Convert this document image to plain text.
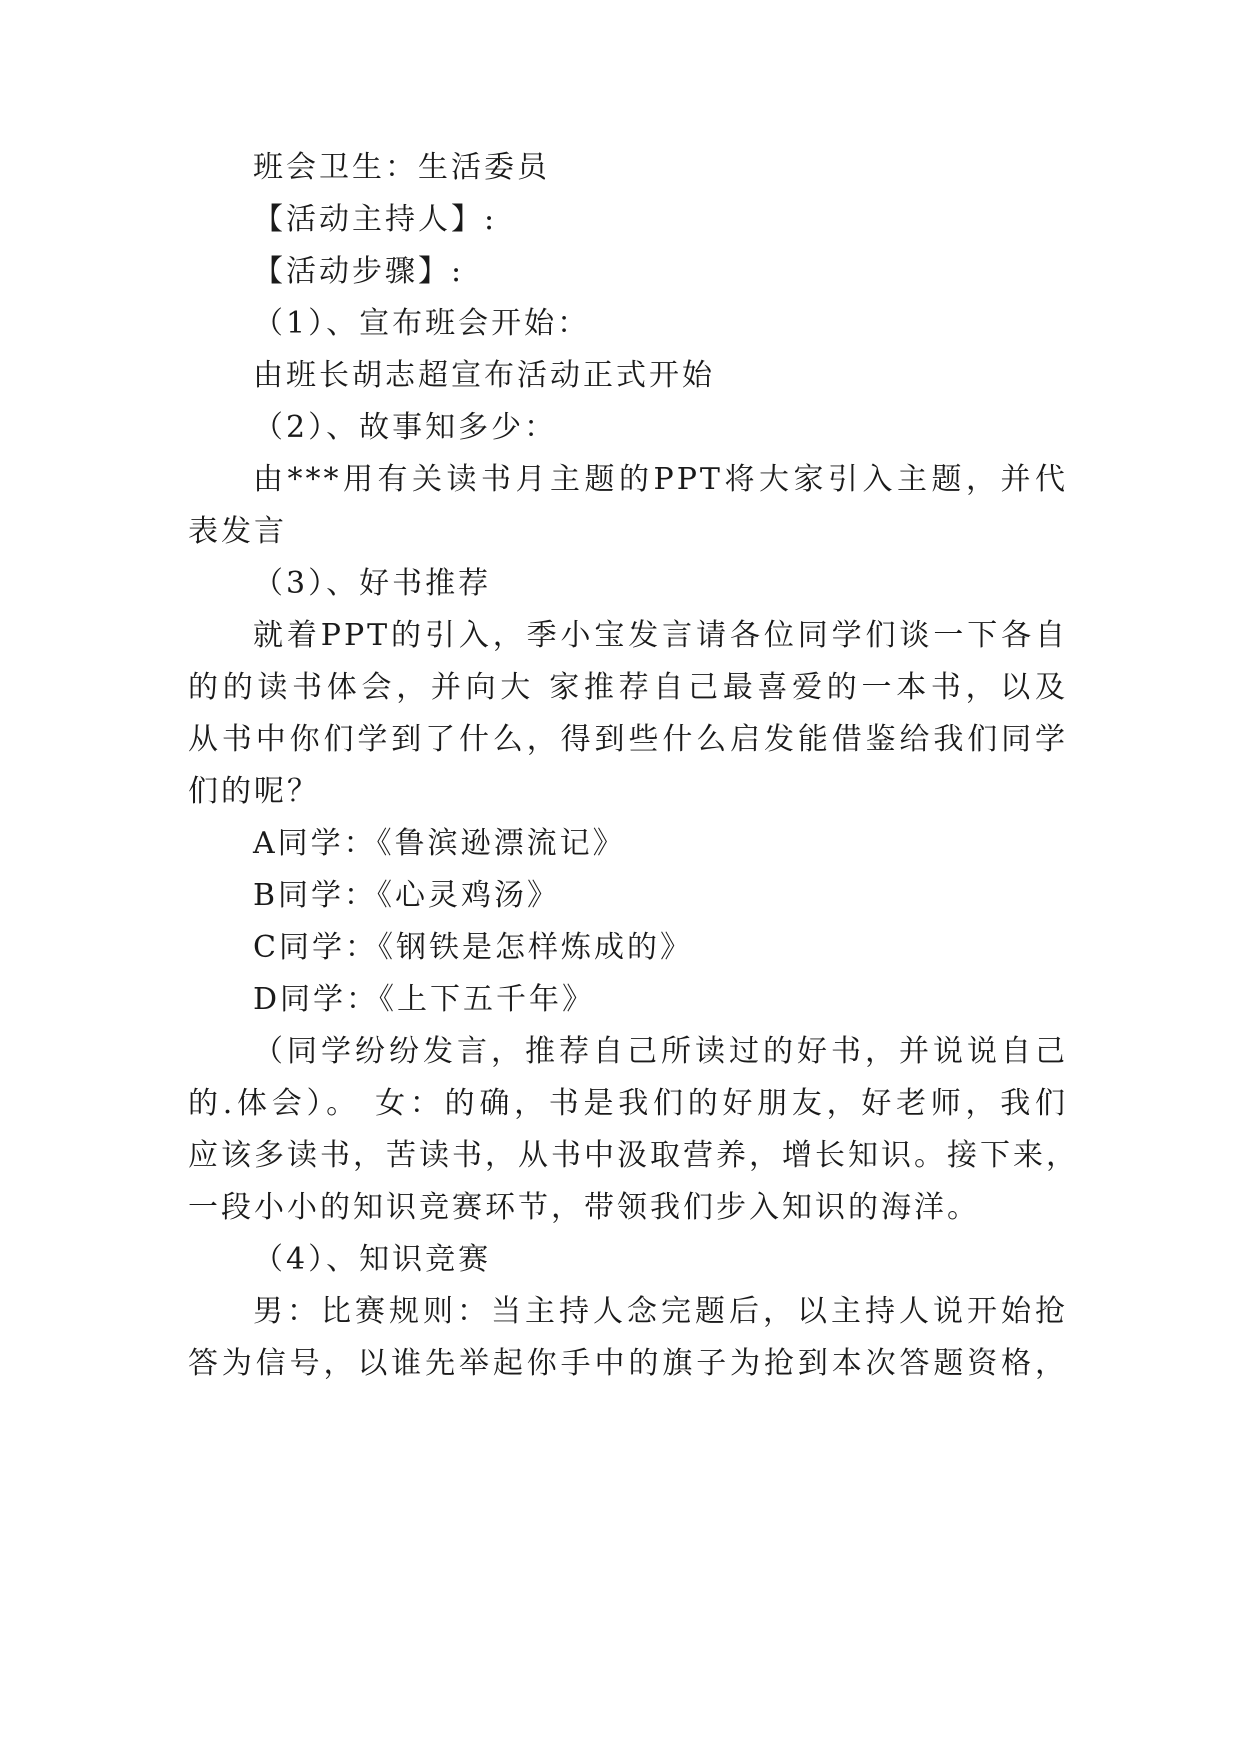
班会卫生：生活委员
【活动主持人】:
【活动步骤】:
（1）、宣布班会开始：
由班长胡志超宣布活动正式开始
（2）、故事知多少：
由***用有关读书月主题的PPT将大家引入主题，并代
表发言
（3）、好书推荐
就着PPT的引入，季小宝发言请各位同学们谈一下各自
的的读书体会，并向大 家推荐自己最喜爱的一本书，以及
从书中你们学到了什么，得到些什么启发能借鉴给我们同学
们的呢？
A同学：《鲁滨逊漂流记》
B同学：《心灵鸡汤》
C同学：《钢铁是怎样炼成的》
D同学：《上下五千年》
（同学纷纷发言，推荐自己所读过的好书，并说说自己
的.体会）。 女：的确，书是我们的好朋友，好老师，我们
应该多读书，苦读书，从书中汲取营养，增长知识。接下来，
一段小小的知识竞赛环节，带领我们步入知识的海洋。
（4）、知识竞赛
男：比赛规则：当主持人念完题后，以主持人说开始抢
答为信号，以谁先举起你手中的旗子为抢到本次答题资格，
